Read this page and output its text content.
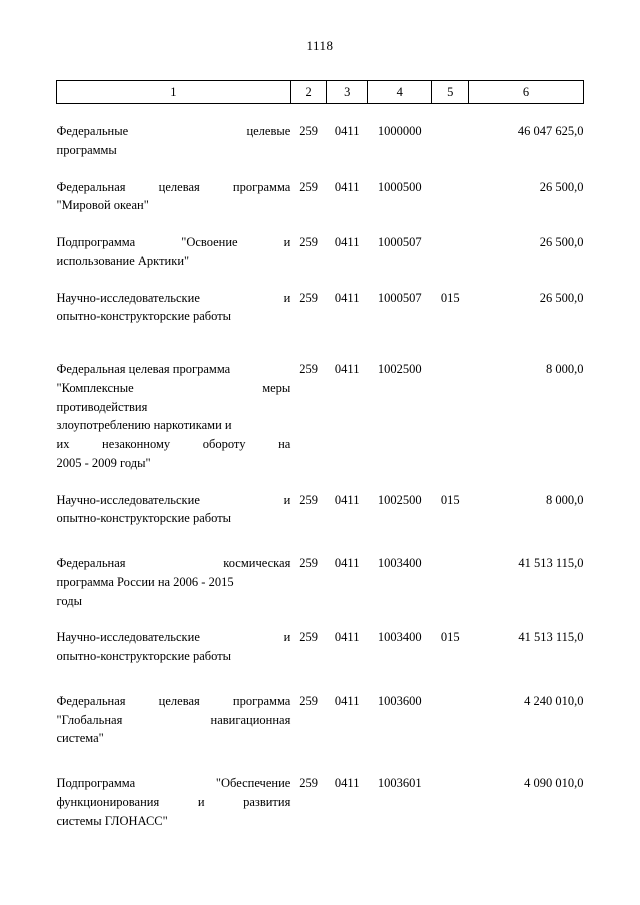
1118
1	2	3	4	5	6

Федеральные целевые
программы	259	0411	1000000		46 047 625,0

Федеральная целевая программа
"Мировой океан"	259	0411	1000500		26 500,0

Подпрограмма "Освоение и
использование Арктики"	259	0411	1000507		26 500,0

Научно-исследовательские и
опытно-конструкторские работы	259	0411	1000507	015	26 500,0

Федеральная целевая программа
"Комплексные меры
противодействия
злоупотреблению наркотиками и
их незаконному обороту на
2005 - 2009 годы"
	259	0411	1002500		8 000,0

Научно-исследовательские и
опытно-конструкторские работы	259	0411	1002500	015	8 000,0

Федеральная космическая
программа России на 2006 - 2015
годы	259	0411	1003400		41 513 115,0

Научно-исследовательские и
опытно-конструкторские работы	259	0411	1003400	015	41 513 115,0

Федеральная целевая программа
"Глобальная навигационная
система"	259	0411	1003600		4 240 010,0

Подпрограмма "Обеспечение
функционирования и развития
системы ГЛОНАСС"	259	0411	1003601		4 090 010,0
